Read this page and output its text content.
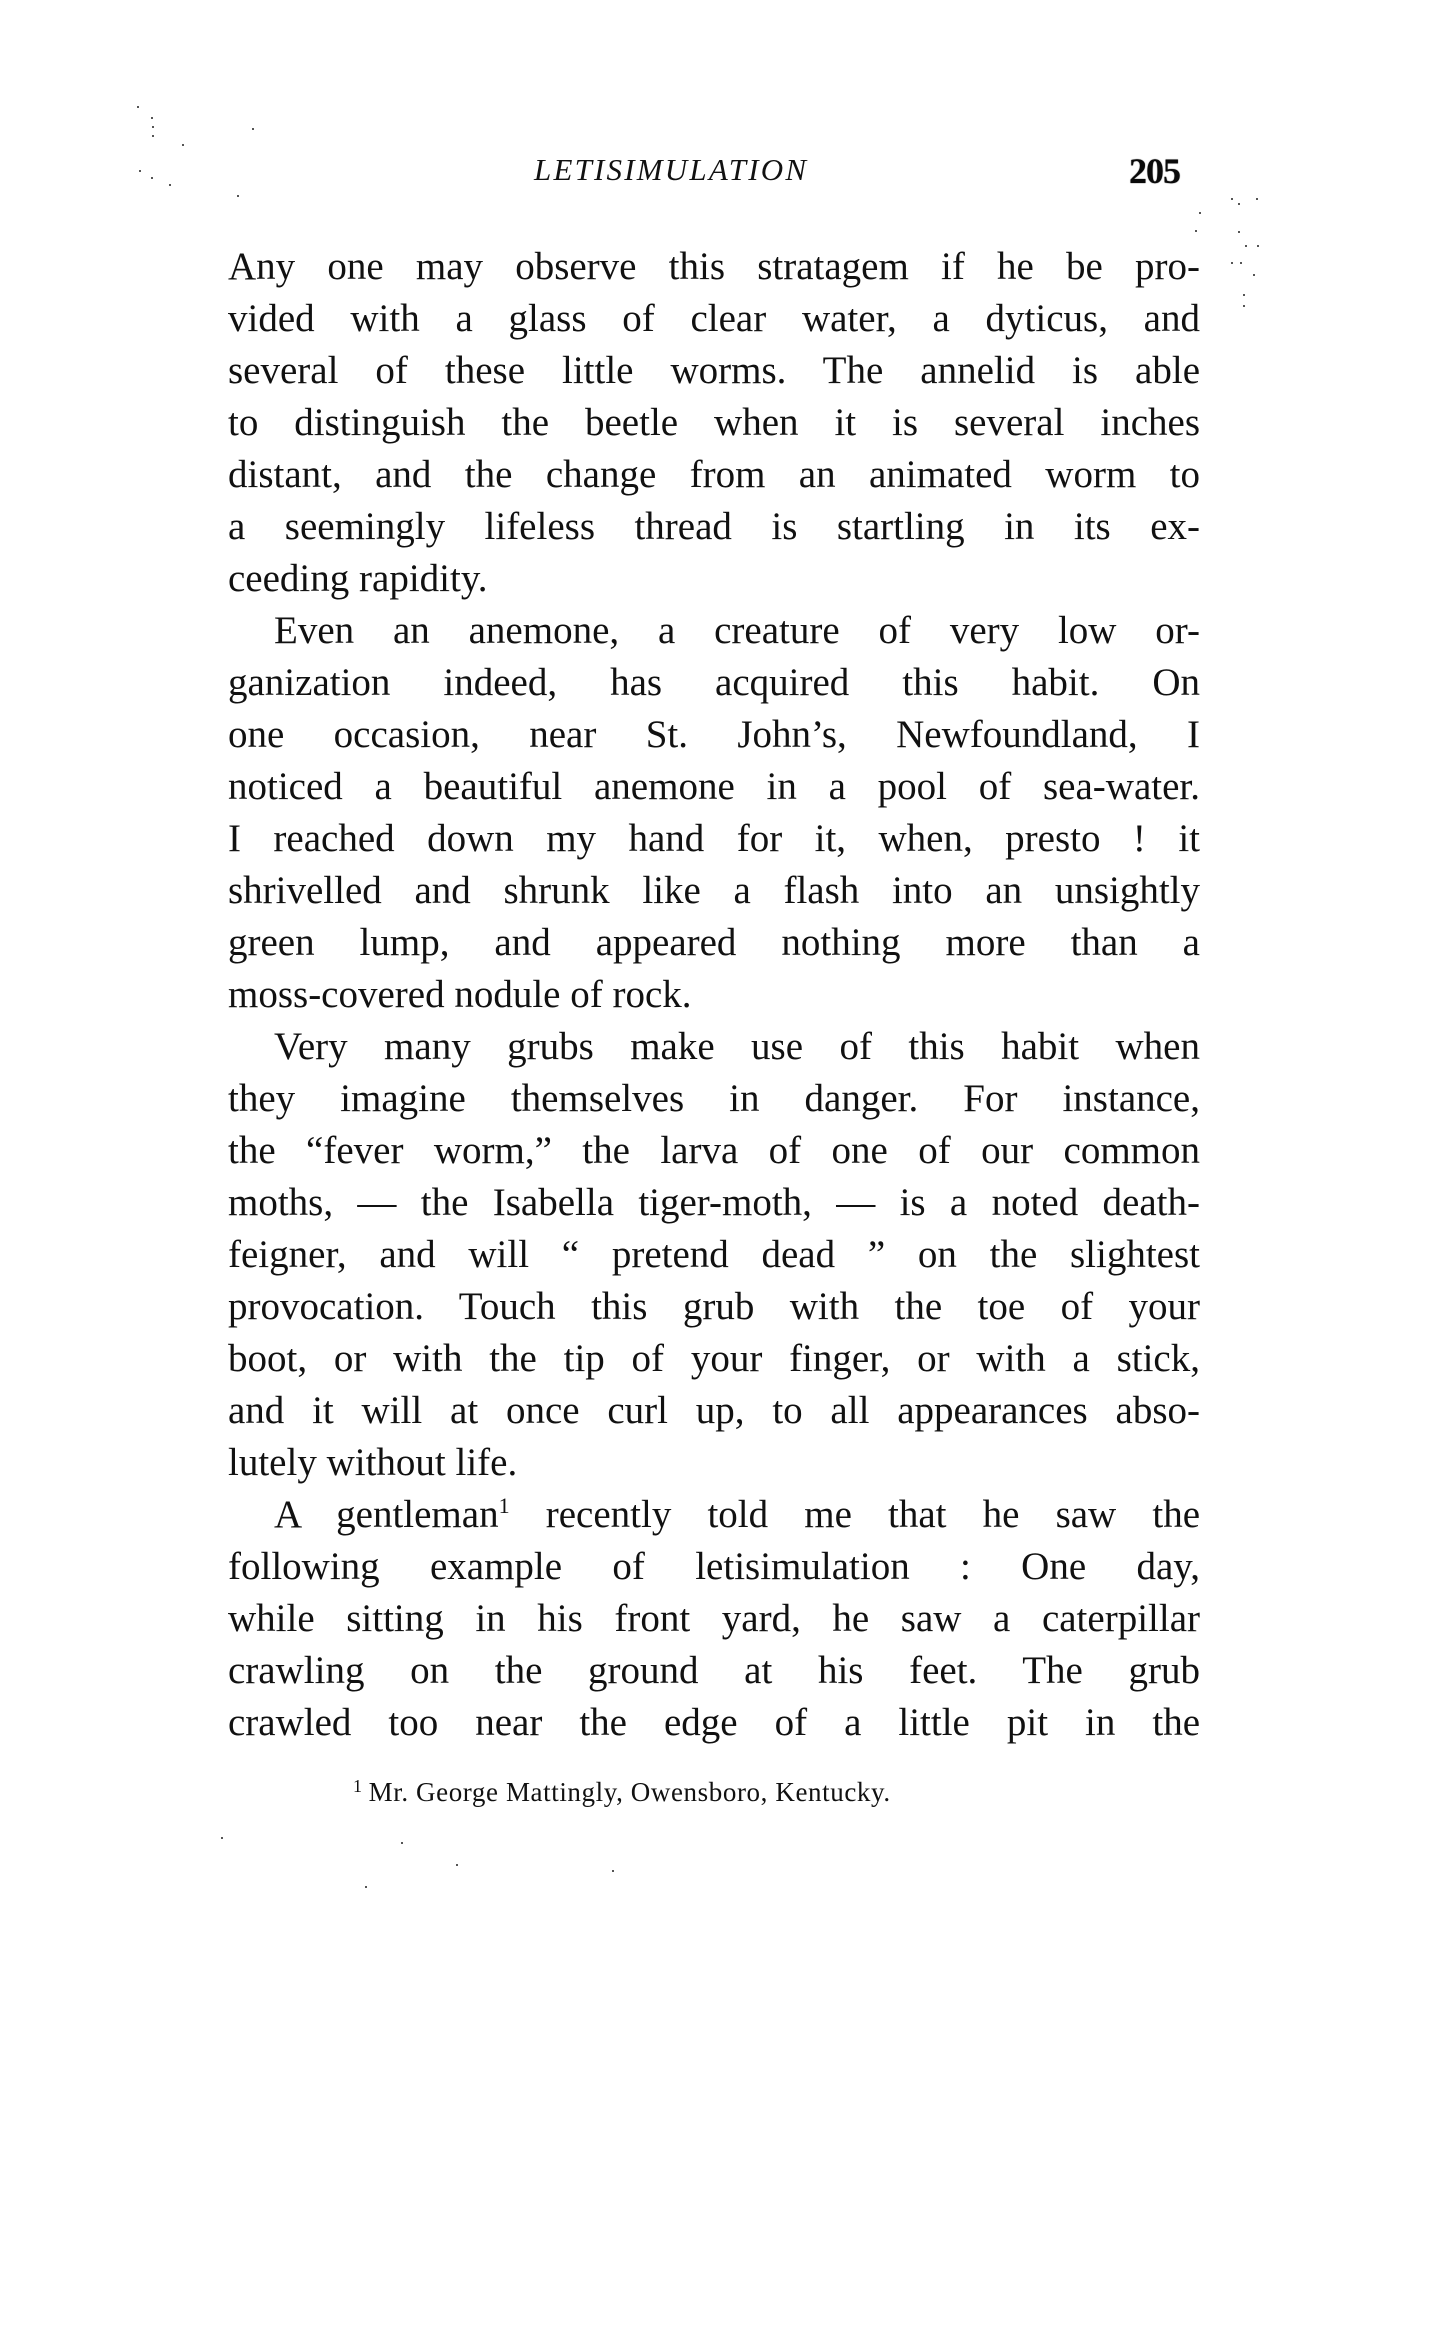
LETISIMULATION	205
Any one may observe this stratagem if he be pro-
vided with a glass of clear water, a dyticus, and
several of these little worms. The annelid is able
to distinguish the beetle when it is several inches
distant, and the change from an animated worm to
a seemingly lifeless thread is startling in its ex-
ceeding rapidity.
Even an anemone, a creature of very low or-
ganization indeed, has acquired this habit. On
one occasion, near St. John’s, Newfoundland, I
noticed a beautiful anemone in a pool of sea-water.
I reached down my hand for it, when, presto ! it
shrivelled and shrunk like a flash into an unsightly
green lump, and appeared nothing more than a
moss-covered nodule of rock.
Very many grubs make use of this habit when
they imagine themselves in danger. For instance,
the “fever worm,” the larva of one of our common
moths, — the Isabella tiger-moth, — is a noted death-
feigner, and will “ pretend dead ” on the slightest
provocation. Touch this grub with the toe of your
boot, or with the tip of your finger, or with a stick,
and it will at once curl up, to all appearances abso-
lutely without life.
A gentleman$^1$ recently told me that he saw the
following example of letisimulation : One day,
while sitting in his front yard, he saw a caterpillar
crawling on the ground at his feet. The grub
crawled too near the edge of a little pit in the
$^1$ Mr. George Mattingly, Owensboro, Kentucky.
